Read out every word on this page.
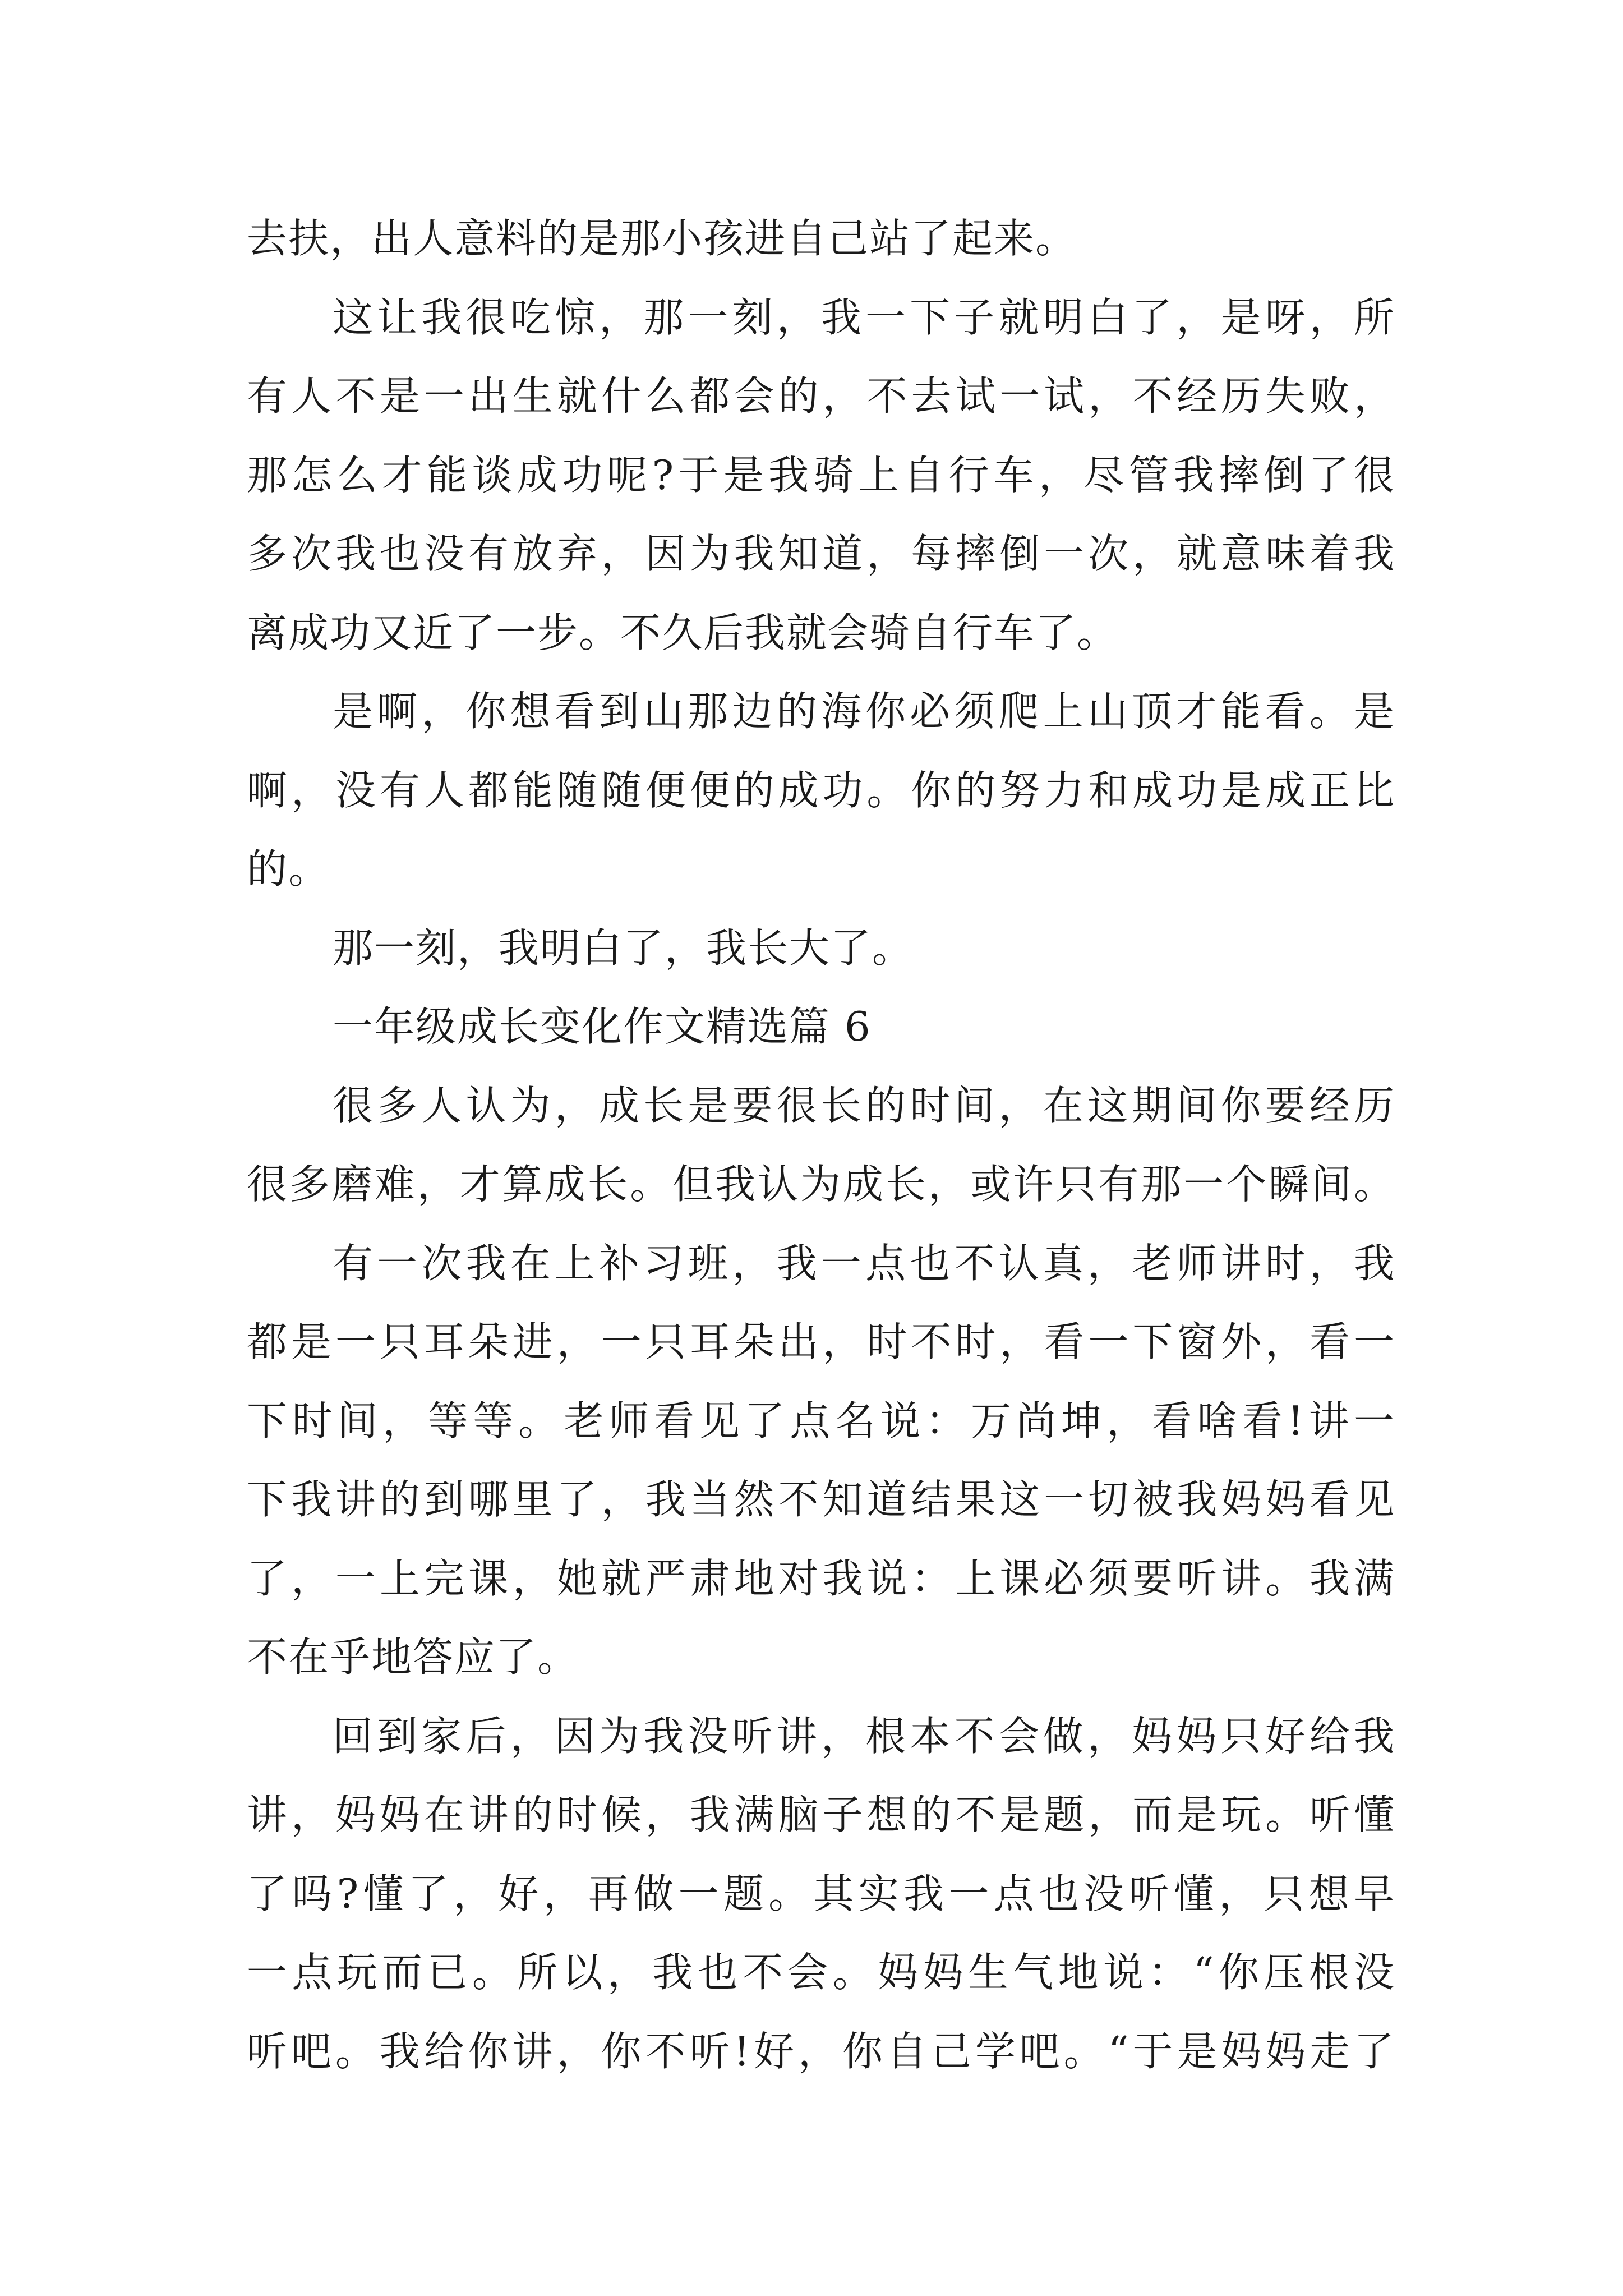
去扶，出人意料的是那小孩进自己站了起来。
这让我很吃惊，那一刻，我一下子就明白了，是呀，所
有人不是一出生就什么都会的，不去试一试，不经历失败，
那怎么才能谈成功呢?于是我骑上自行车，尽管我摔倒了很
多次我也没有放弃，因为我知道，每摔倒一次，就意味着我
离成功又近了一步。不久后我就会骑自行车了。
是啊，你想看到山那边的海你必须爬上山顶才能看。是
啊，没有人都能随随便便的成功。你的努力和成功是成正比
的。
那一刻，我明白了，我长大了。
一年级成长变化作文精选篇 6
很多人认为，成长是要很长的时间，在这期间你要经历
很多磨难，才算成长。但我认为成长，或许只有那一个瞬间。
有一次我在上补习班，我一点也不认真，老师讲时，我
都是一只耳朵进，一只耳朵出，时不时，看一下窗外，看一
下时间，等等。老师看见了点名说：万尚坤，看啥看!讲一
下我讲的到哪里了，我当然不知道结果这一切被我妈妈看见
了，一上完课，她就严肃地对我说：上课必须要听讲。我满
不在乎地答应了。
回到家后，因为我没听讲，根本不会做，妈妈只好给我
讲，妈妈在讲的时候，我满脑子想的不是题，而是玩。听懂
了吗?懂了，好，再做一题。其实我一点也没听懂，只想早
一点玩而已。所以，我也不会。妈妈生气地说：“你压根没
听吧。我给你讲，你不听!好，你自己学吧。“于是妈妈走了
